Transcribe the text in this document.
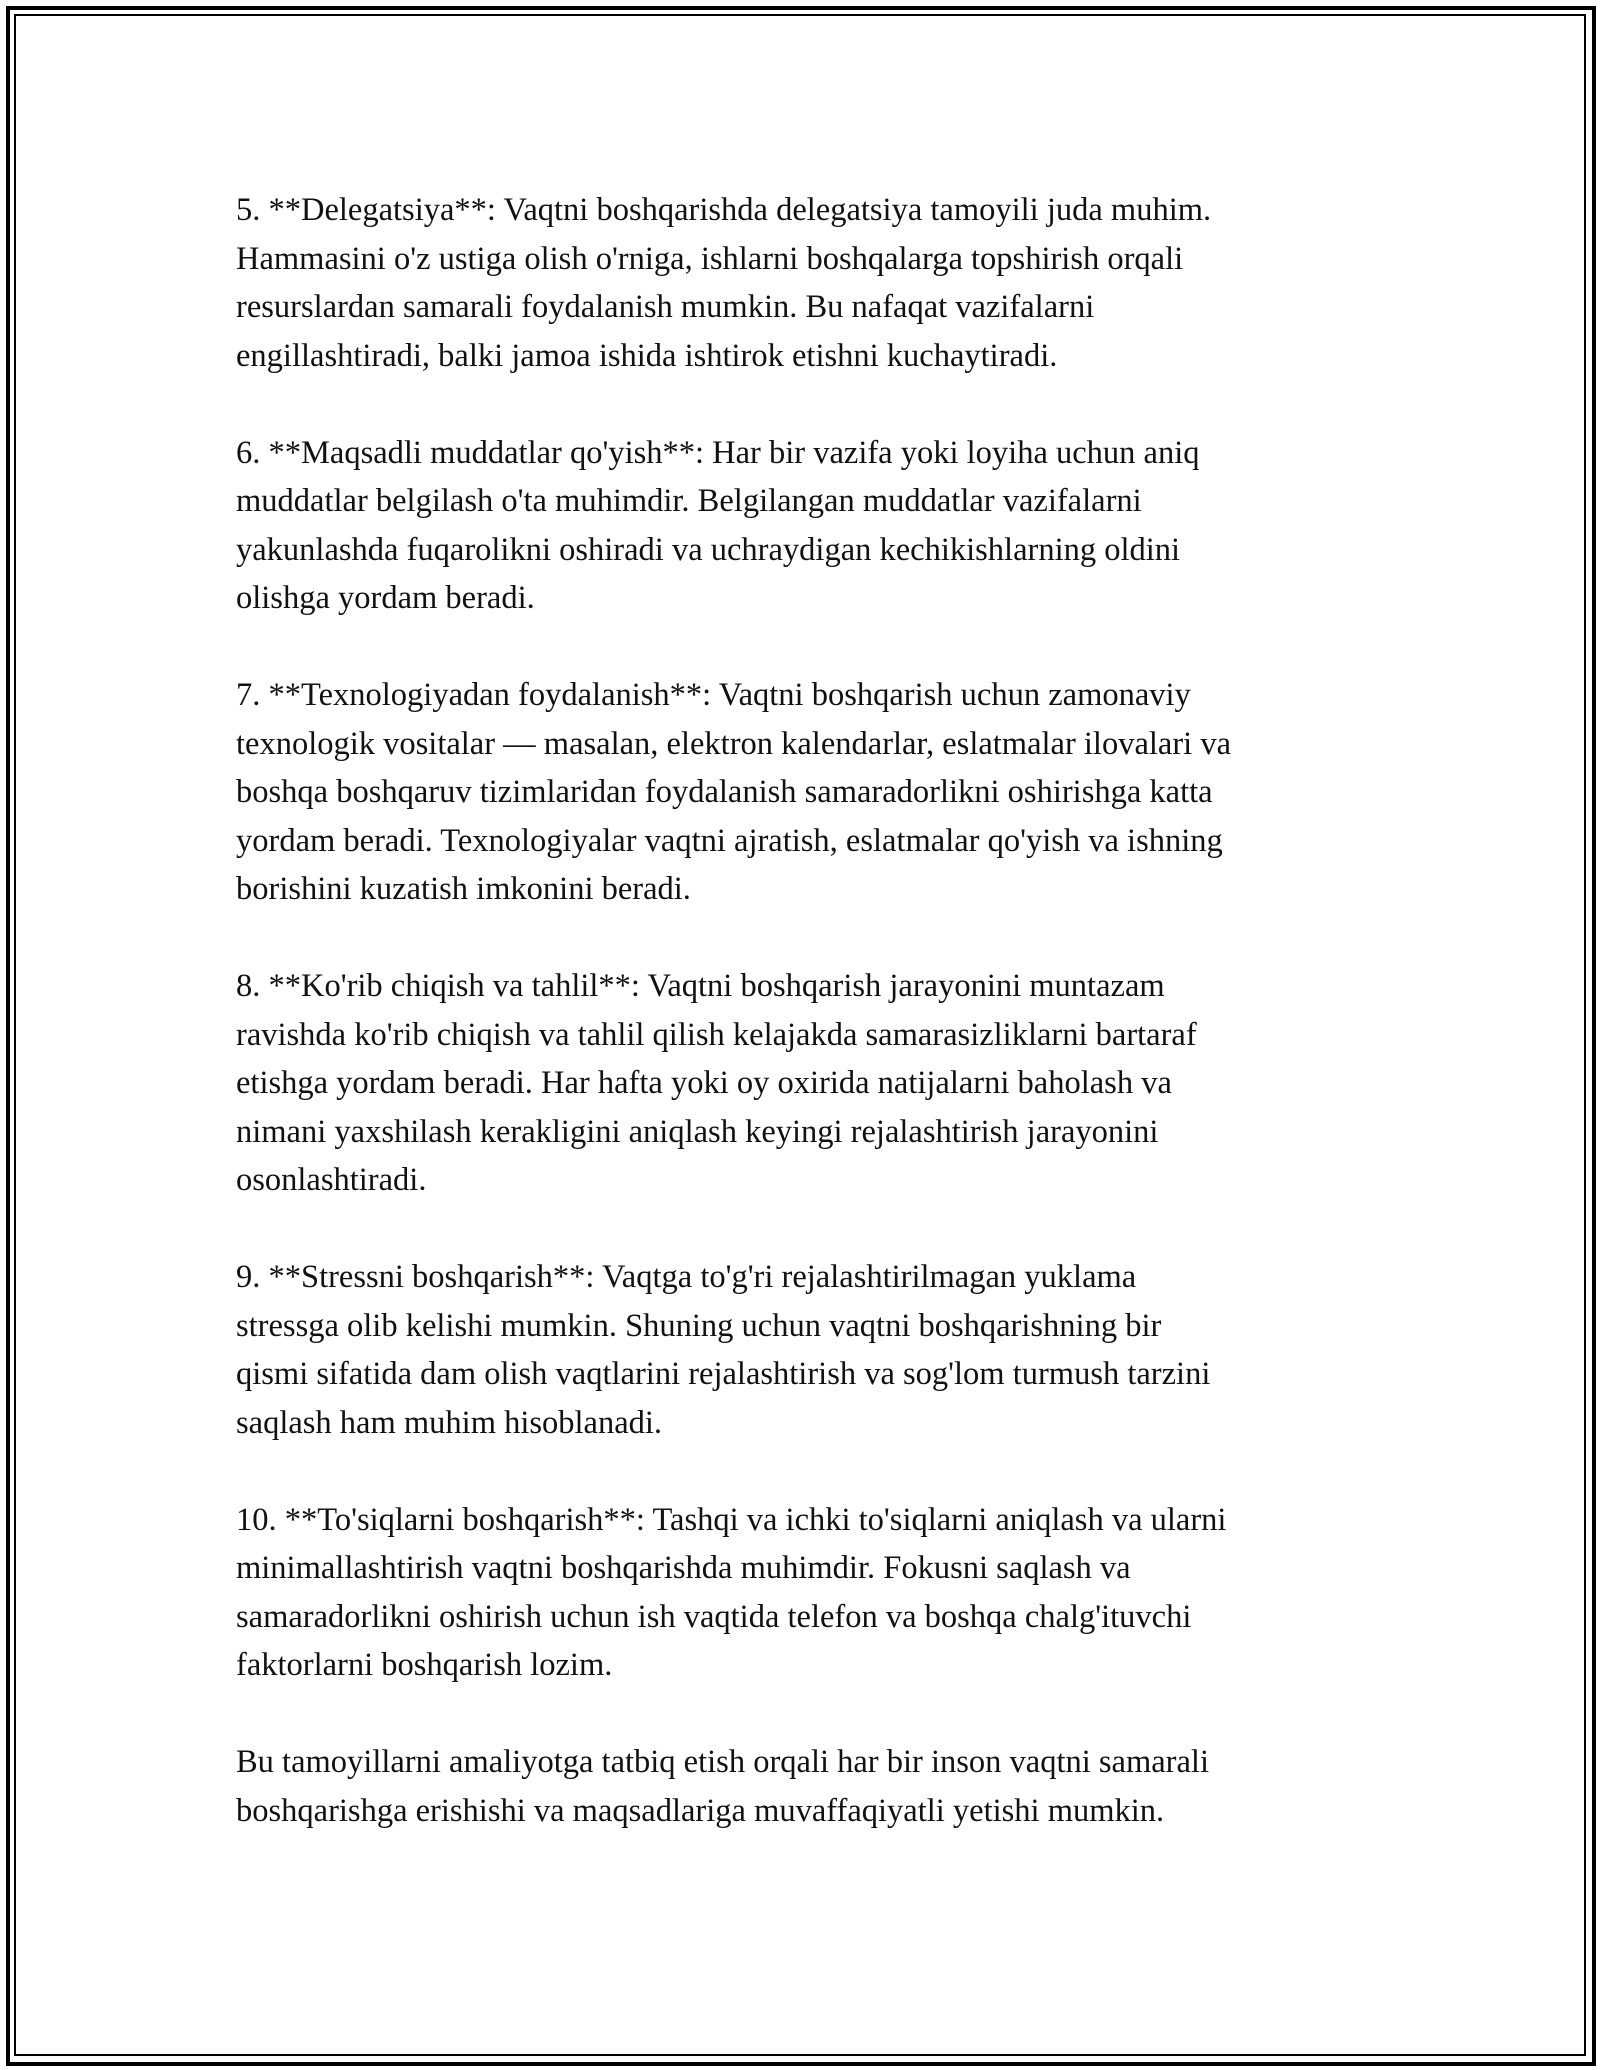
5. **Delegatsiya**: Vaqtni boshqarishda delegatsiya tamoyili juda muhim.
Hammasini o'z ustiga olish o'rniga, ishlarni boshqalarga topshirish orqali
resurslardan samarali foydalanish mumkin. Bu nafaqat vazifalarni
engillashtiradi, balki jamoa ishida ishtirok etishni kuchaytiradi.

6. **Maqsadli muddatlar qo'yish**: Har bir vazifa yoki loyiha uchun aniq
muddatlar belgilash o'ta muhimdir. Belgilangan muddatlar vazifalarni
yakunlashda fuqarolikni oshiradi va uchraydigan kechikishlarning oldini
olishga yordam beradi.

7. **Texnologiyadan foydalanish**: Vaqtni boshqarish uchun zamonaviy
texnologik vositalar — masalan, elektron kalendarlar, eslatmalar ilovalari va
boshqa boshqaruv tizimlaridan foydalanish samaradorlikni oshirishga katta
yordam beradi. Texnologiyalar vaqtni ajratish, eslatmalar qo'yish va ishning
borishini kuzatish imkonini beradi.

8. **Ko'rib chiqish va tahlil**: Vaqtni boshqarish jarayonini muntazam
ravishda ko'rib chiqish va tahlil qilish kelajakda samarasizliklarni bartaraf
etishga yordam beradi. Har hafta yoki oy oxirida natijalarni baholash va
nimani yaxshilash kerakligini aniqlash keyingi rejalashtirish jarayonini
osonlashtiradi.

9. **Stressni boshqarish**: Vaqtga to'g'ri rejalashtirilmagan yuklama
stressga olib kelishi mumkin. Shuning uchun vaqtni boshqarishning bir
qismi sifatida dam olish vaqtlarini rejalashtirish va sog'lom turmush tarzini
saqlash ham muhim hisoblanadi.

10. **To'siqlarni boshqarish**: Tashqi va ichki to'siqlarni aniqlash va ularni
minimallashtirish vaqtni boshqarishda muhimdir. Fokusni saqlash va
samaradorlikni oshirish uchun ish vaqtida telefon va boshqa chalg'ituvchi
faktorlarni boshqarish lozim.

Bu tamoyillarni amaliyotga tatbiq etish orqali har bir inson vaqtni samarali
boshqarishga erishishi va maqsadlariga muvaffaqiyatli yetishi mumkin.
